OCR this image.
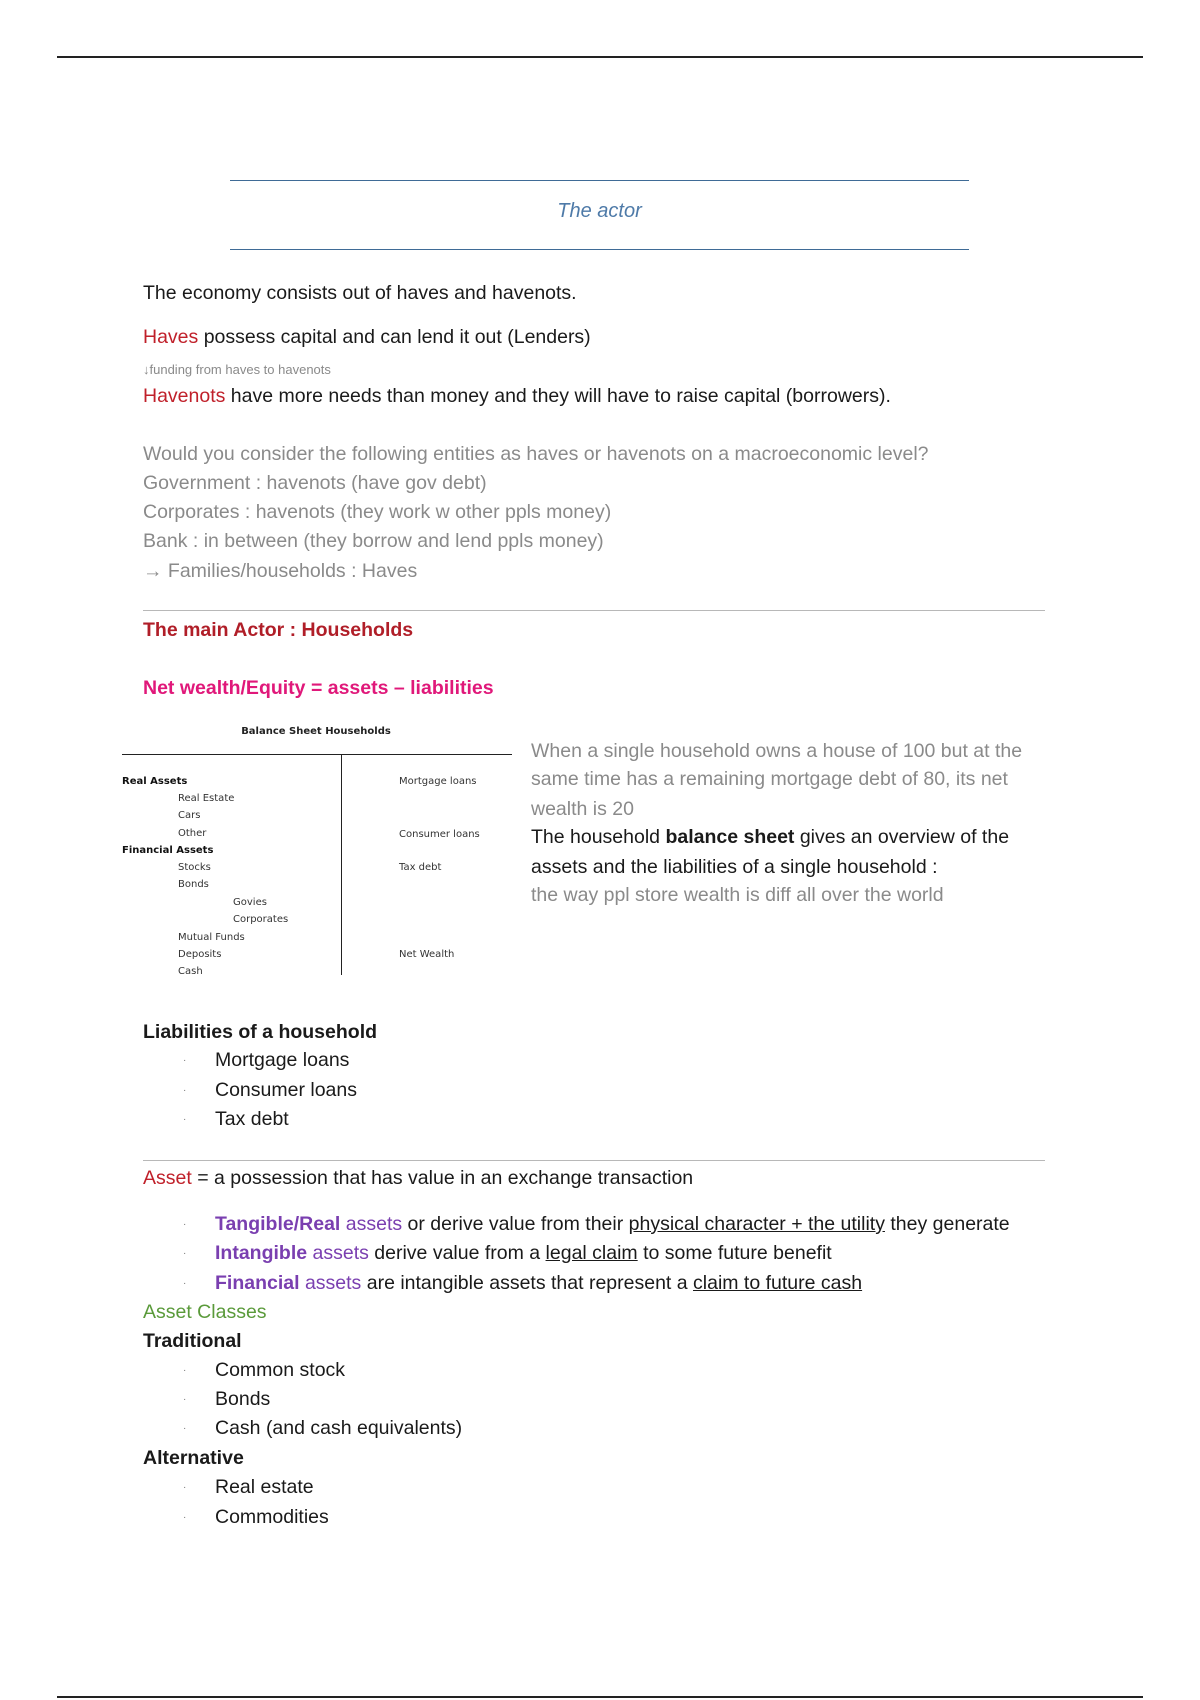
The actor
The economy consists out of haves and havenots.
Haves possess capital and can lend it out (Lenders)
↓funding from haves to havenots
Havenots have more needs than money and they will have to raise capital (borrowers).
Would you consider the following entities as haves or havenots on a macroeconomic level?
Government : havenots (have gov debt)
Corporates : havenots (they work w other ppls money)
Bank : in between (they borrow and lend ppls money)
→ Families/households : Haves
The main Actor : Households
Net wealth/Equity = assets – liabilities
Balance Sheet Households
Real Assets
Real Estate
Cars
Other
Financial Assets
Stocks
Bonds
Govies
Corporates
Mutual Funds
Deposits
Cash
Mortgage loans
Consumer loans
Tax debt
Net Wealth
When a single household owns a house of 100 but at the
same time has a remaining mortgage debt of 80, its net
wealth is 20
The household balance sheet gives an overview of the
assets and the liabilities of a single household :
the way ppl store wealth is diff all over the world
Liabilities of a household
· Mortgage loans
· Consumer loans
· Tax debt
Asset = a possession that has value in an exchange transaction
· Tangible/Real assets or derive value from their physical character + the utility they generate
· Intangible assets derive value from a legal claim to some future benefit
· Financial assets are intangible assets that represent a claim to future cash
Asset Classes
Traditional
· Common stock
· Bonds
· Cash (and cash equivalents)
Alternative
· Real estate
· Commodities
